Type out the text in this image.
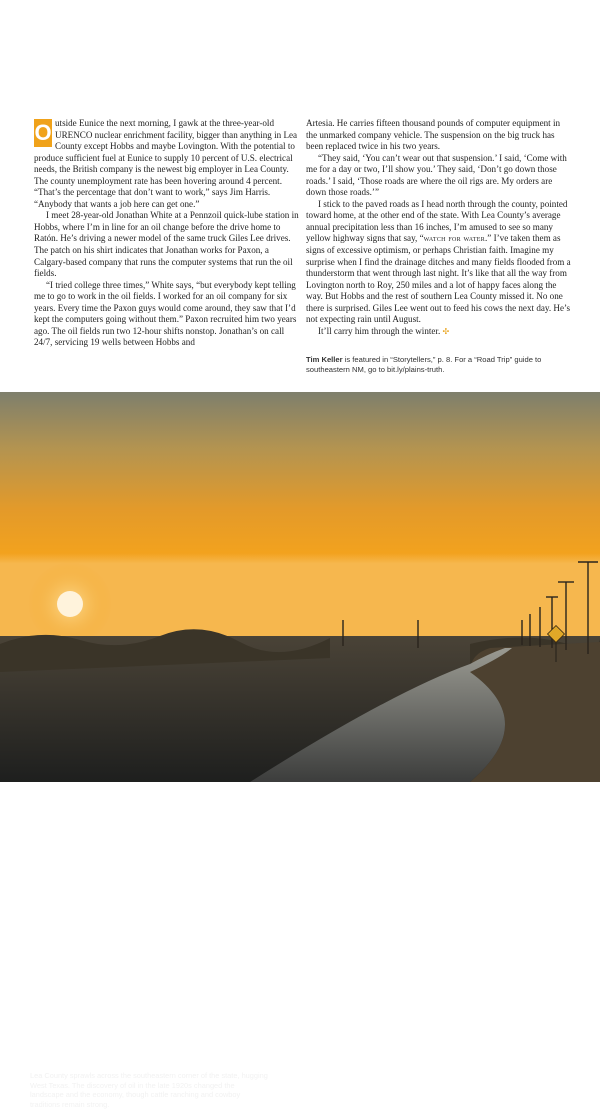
O utside Eunice the next morning, I gawk at the three-year-old URENCO nuclear enrichment facility, bigger than anything in Lea County except Hobbs and maybe Lovington. With the potential to produce sufficient fuel at Eunice to supply 10 percent of U.S. electrical needs, the British company is the newest big employer in Lea County. The county unemployment rate has been hovering around 4 percent. “That’s the percentage that don’t want to work,” says Jim Harris. “Anybody that wants a job here can get one.”

I meet 28-year-old Jonathan White at a Pennzoil quick-lube station in Hobbs, where I’m in line for an oil change before the drive home to Ratón. He’s driving a newer model of the same truck Giles Lee drives. The patch on his shirt indicates that Jonathan works for Paxon, a Calgary-based company that runs the computer systems that run the oil fields.

“I tried college three times,” White says, “but everybody kept telling me to go to work in the oil fields. I worked for an oil company for six years. Every time the Paxon guys would come around, they saw that I’d kept the computers going without them.” Paxon recruited him two years ago. The oil fields run two 12-hour shifts nonstop. Jonathan’s on call 24/7, servicing 19 wells between Hobbs and

Artesia. He carries fifteen thousand pounds of computer equipment in the unmarked company vehicle. The suspension on the big truck has been replaced twice in his two years.

“They said, ‘You can’t wear out that suspension.’ I said, ‘Come with me for a day or two, I’ll show you.’ They said, ‘Don’t go down those roads.’ I said, ‘Those roads are where the oil rigs are. My orders are down those roads.’”

I stick to the paved roads as I head north through the county, pointed toward home, at the other end of the state. With Lea County’s average annual precipitation less than 16 inches, I’m amused to see so many yellow highway signs that say, “watch for water.” I’ve taken them as signs of excessive optimism, or perhaps Christian faith. Imagine my surprise when I find the drainage ditches and many fields flooded from a thunderstorm that went through last night. It’s like that all the way from Lovington north to Roy, 250 miles and a lot of happy faces along the way. But Hobbs and the rest of southern Lea County missed it. No one there is surprised. Giles Lee went out to feed his cows the next day. He’s not expecting rain until August.

It’ll carry him through the winter. ✣

Tim Keller is featured in “Storytellers,” p. 8. For a “Road Trip” guide to southeastern NM, go to bit.ly/plains-truth.
Lea County sprawls across the southeastern corner of the state, hugging West Texas. The discovery of oil in the late 1920s changed the landscape and the economy, though cattle ranching and cowboy traditions remain strong.
